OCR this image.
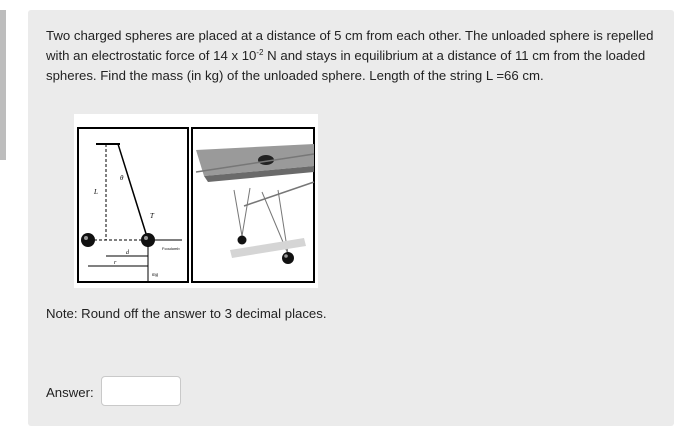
Two charged spheres are placed at a distance of 5 cm from each other. The unloaded sphere is repelled with an electrostatic force of 14 x $10^{-2}$ N and stays in equilibrium at a distance of 11 cm from the loaded spheres. Find the mass (in kg) of the unloaded sphere. Length of the string L =66 cm.

L
θ
T
Fcoulomb
mg
d
r
Note: Round off the answer to 3 decimal places.
Answer:
